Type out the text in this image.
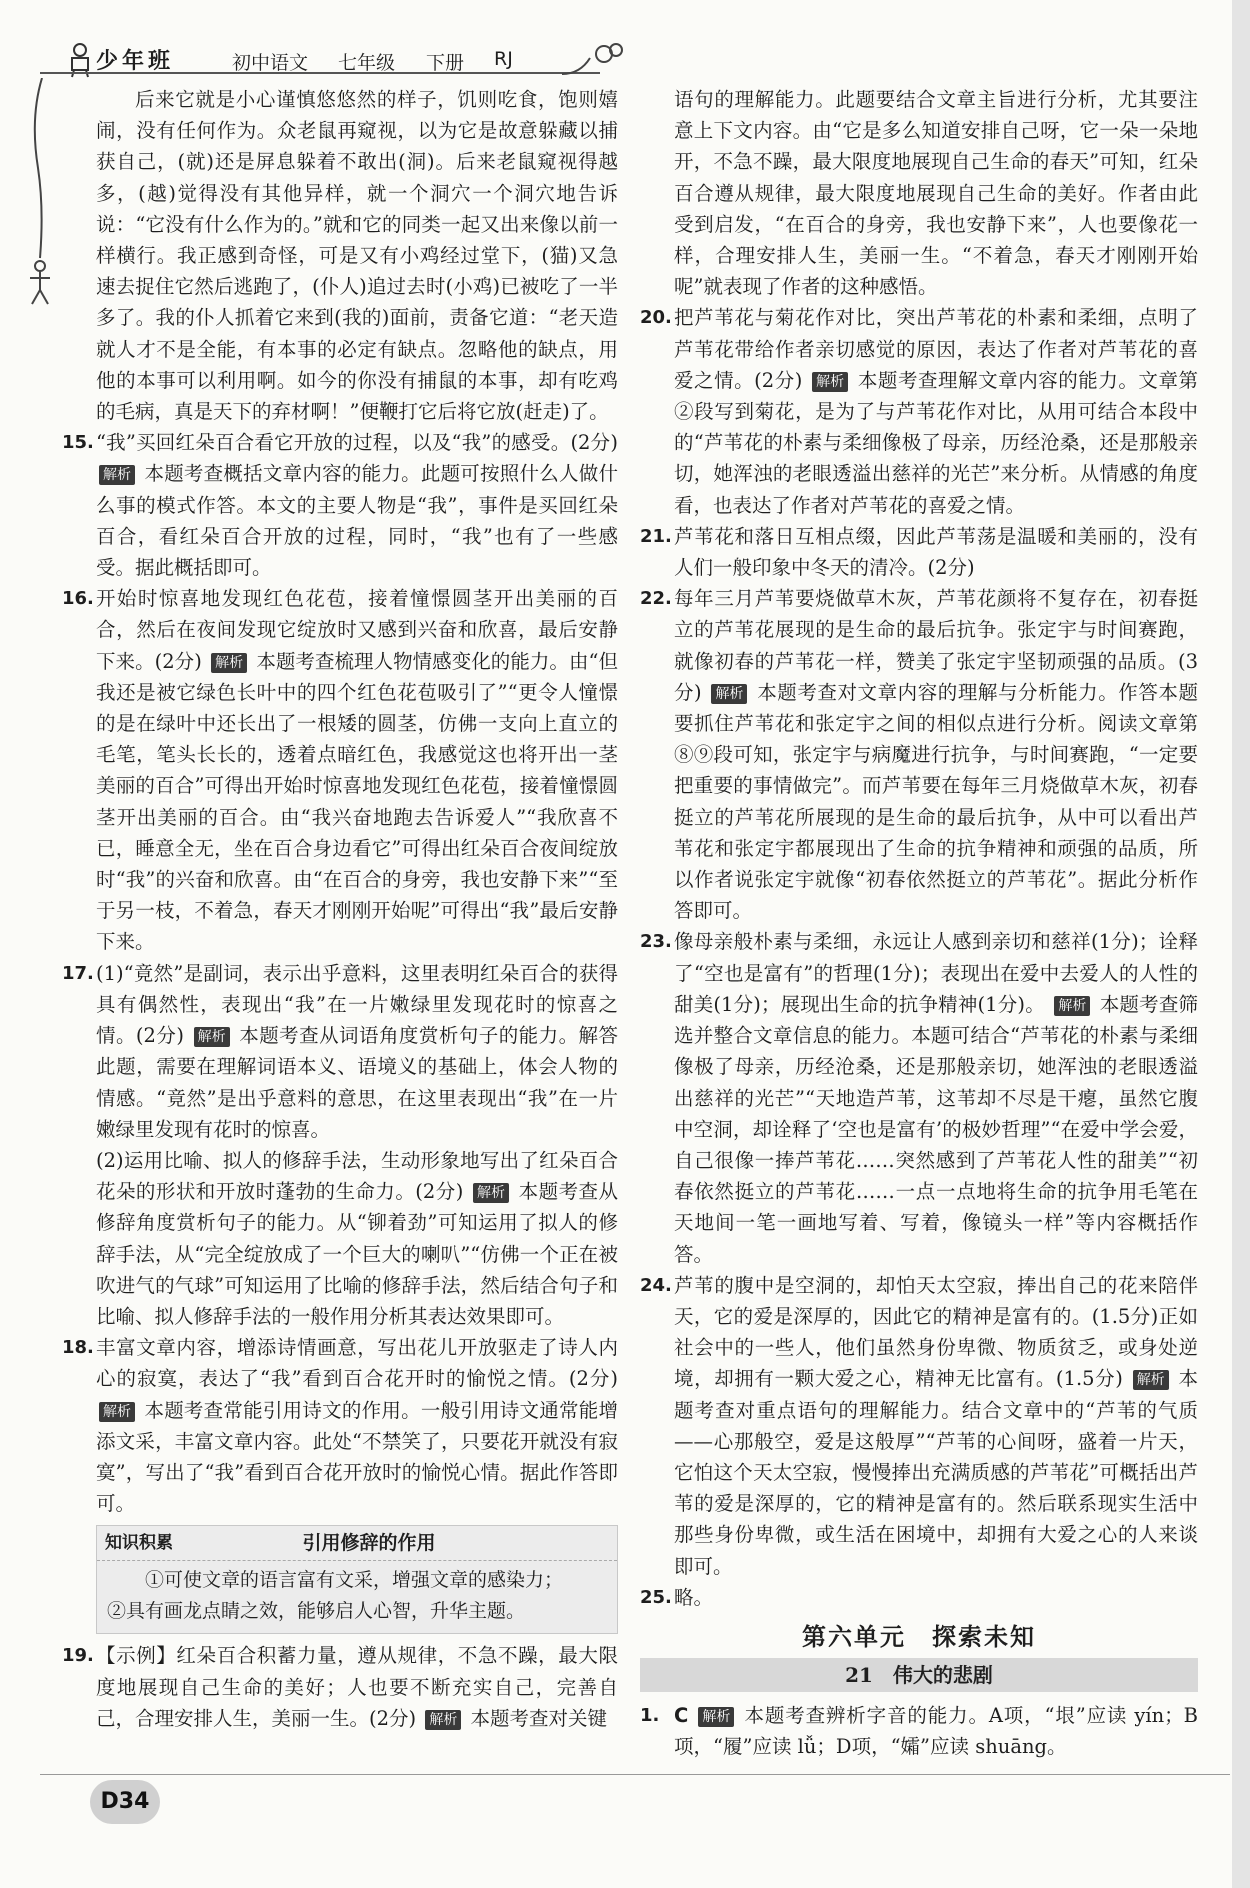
少年班	初中语文 七年级 下册 RJ

后来它就是小心谨慎悠悠然的样子，饥则吃食，饱则嬉闹，没有任何作为。众老鼠再窥视，以为它是故意躲藏以捕获自己，(就)还是屏息躲着不敢出(洞)。后来老鼠窥视得越多，(越)觉得没有其他异样，就一个洞穴一个洞穴地告诉说：“它没有什么作为的。”就和它的同类一起又出来像以前一样横行。我正感到奇怪，可是又有小鸡经过堂下，(猫)又急速去捉住它然后逃跑了，(仆人)追过去时(小鸡)已被吃了一半多了。我的仆人抓着它来到(我的)面前，责备它道：“老天造就人才不是全能，有本事的必定有缺点。忽略他的缺点，用他的本事可以利用啊。如今的你没有捕鼠的本事，却有吃鸡的毛病，真是天下的弃材啊！”便鞭打它后将它放(赶走)了。

15. “我”买回红朵百合看它开放的过程，以及“我”的感受。(2分) 解析 本题考查概括文章内容的能力。此题可按照什么人做什么事的模式作答。本文的主要人物是“我”，事件是买回红朵百合，看红朵百合开放的过程，同时，“我”也有了一些感受。据此概括即可。

16. 开始时惊喜地发现红色花苞，接着憧憬圆茎开出美丽的百合，然后在夜间发现它绽放时又感到兴奋和欣喜，最后安静下来。(2分) 解析 本题考查梳理人物情感变化的能力。由“但我还是被它绿色长叶中的四个红色花苞吸引了”“更令人憧憬的是在绿叶中还长出了一根矮的圆茎，仿佛一支向上直立的毛笔，笔头长长的，透着点暗红色，我感觉这也将开出一茎美丽的百合”可得出开始时惊喜地发现红色花苞，接着憧憬圆茎开出美丽的百合。由“我兴奋地跑去告诉爱人”“我欣喜不已，睡意全无，坐在百合身边看它”可得出红朵百合夜间绽放时“我”的兴奋和欣喜。由“在百合的身旁，我也安静下来”“至于另一枝，不着急，春天才刚刚开始呢”可得出“我”最后安静下来。

17. (1)“竟然”是副词，表示出乎意料，这里表明红朵百合的获得具有偶然性，表现出“我”在一片嫩绿里发现花时的惊喜之情。(2分) 解析 本题考查从词语角度赏析句子的能力。解答此题，需要在理解词语本义、语境义的基础上，体会人物的情感。“竟然”是出乎意料的意思，在这里表现出“我”在一片嫩绿里发现有花时的惊喜。

(2)运用比喻、拟人的修辞手法，生动形象地写出了红朵百合花朵的形状和开放时蓬勃的生命力。(2分) 解析 本题考查从修辞角度赏析句子的能力。从“铆着劲”可知运用了拟人的修辞手法，从“完全绽放成了一个巨大的喇叭”“仿佛一个正在被吹进气的气球”可知运用了比喻的修辞手法，然后结合句子和比喻、拟人修辞手法的一般作用分析其表达效果即可。

18. 丰富文章内容，增添诗情画意，写出花儿开放驱走了诗人内心的寂寞，表达了“我”看到百合花开时的愉悦之情。(2分) 解析 本题考查常能引用诗文的作用。一般引用诗文通常能增添文采，丰富文章内容。此处“不禁笑了，只要花开就没有寂寞”，写出了“我”看到百合花开放时的愉悦心情。据此作答即可。

知识积累	引用修辞的作用

①可使文章的语言富有文采，增强文章的感染力；

②具有画龙点睛之效，能够启人心智，升华主题。

19. 【示例】红朵百合积蓄力量，遵从规律，不急不躁，最大限度地展现自己生命的美好；人也要不断充实自己，完善自己，合理安排人生，美丽一生。(2分) 解析 本题考查对关键

语句的理解能力。此题要结合文章主旨进行分析，尤其要注意上下文内容。由“它是多么知道安排自己呀，它一朵一朵地开，不急不躁，最大限度地展现自己生命的春天”可知，红朵百合遵从规律，最大限度地展现自己生命的美好。作者由此受到启发，“在百合的身旁，我也安静下来”，人也要像花一样，合理安排人生，美丽一生。“不着急，春天才刚刚开始呢”就表现了作者的这种感悟。

20. 把芦苇花与菊花作对比，突出芦苇花的朴素和柔细，点明了芦苇花带给作者亲切感觉的原因，表达了作者对芦苇花的喜爱之情。(2分) 解析 本题考查理解文章内容的能力。文章第②段写到菊花，是为了与芦苇花作对比，从用可结合本段中的“芦苇花的朴素与柔细像极了母亲，历经沧桑，还是那般亲切，她浑浊的老眼透溢出慈祥的光芒”来分析。从情感的角度看，也表达了作者对芦苇花的喜爱之情。

21. 芦苇花和落日互相点缀，因此芦苇荡是温暖和美丽的，没有人们一般印象中冬天的清冷。(2分)

22. 每年三月芦苇要烧做草木灰，芦苇花颜将不复存在，初春挺立的芦苇花展现的是生命的最后抗争。张定宇与时间赛跑，就像初春的芦苇花一样，赞美了张定宇坚韧顽强的品质。(3分) 解析 本题考查对文章内容的理解与分析能力。作答本题要抓住芦苇花和张定宇之间的相似点进行分析。阅读文章第⑧⑨段可知，张定宇与病魔进行抗争，与时间赛跑，“一定要把重要的事情做完”。而芦苇要在每年三月烧做草木灰，初春挺立的芦苇花所展现的是生命的最后抗争，从中可以看出芦苇花和张定宇都展现出了生命的抗争精神和顽强的品质，所以作者说张定宇就像“初春依然挺立的芦苇花”。据此分析作答即可。

23. 像母亲般朴素与柔细，永远让人感到亲切和慈祥(1分)；诠释了“空也是富有”的哲理(1分)；表现出在爱中去爱人的人性的甜美(1分)；展现出生命的抗争精神(1分)。 解析 本题考查筛选并整合文章信息的能力。本题可结合“芦苇花的朴素与柔细像极了母亲，历经沧桑，还是那般亲切，她浑浊的老眼透溢出慈祥的光芒”“天地造芦苇，这苇却不尽是干瘪，虽然它腹中空洞，却诠释了‘空也是富有’的极妙哲理”“在爱中学会爱，自己很像一捧芦苇花……突然感到了芦苇花人性的甜美”“初春依然挺立的芦苇花……一点一点地将生命的抗争用毛笔在天地间一笔一画地写着、写着，像镜头一样”等内容概括作答。

24. 芦苇的腹中是空洞的，却怕天太空寂，捧出自己的花来陪伴天，它的爱是深厚的，因此它的精神是富有的。(1.5分)正如社会中的一些人，他们虽然身份卑微、物质贫乏，或身处逆境，却拥有一颗大爱之心，精神无比富有。(1.5分) 解析 本题考查对重点语句的理解能力。结合文章中的“芦苇的气质——心那般空，爱是这般厚”“芦苇的心间呀，盛着一片天，它怕这个天太空寂，慢慢捧出充满质感的芦苇花”可概括出芦苇的爱是深厚的，它的精神是富有的。然后联系现实生活中那些身份卑微，或生活在困境中，却拥有大爱之心的人来谈即可。

25. 略。

第六单元　探索未知
21　伟大的悲剧

1. C 解析 本题考查辨析字音的能力。A项，“垠”应读 yín；B项，“履”应读 lǚ；D项，“孀”应读 shuāng。

D34
